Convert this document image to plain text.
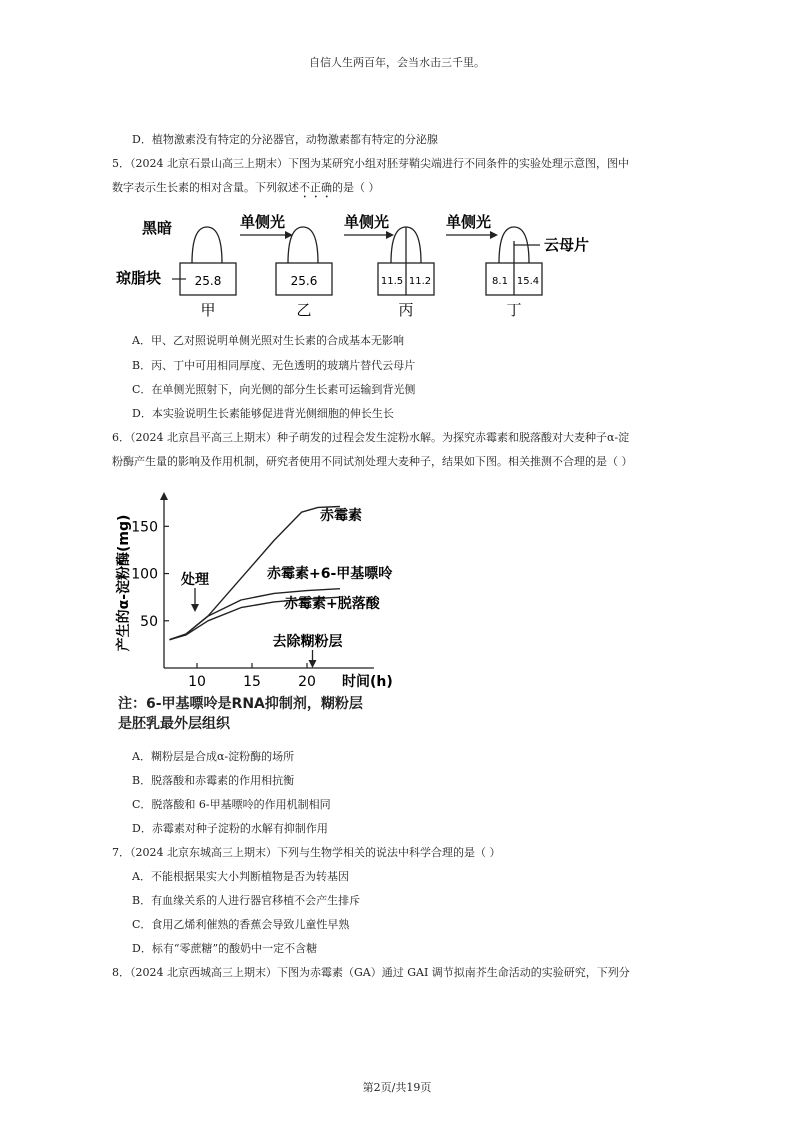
自信人生两百年，会当水击三千里。
D．植物激素没有特定的分泌器官，动物激素都有特定的分泌腺
5．（2024 北京石景山高三上期末）下图为某研究小组对胚芽鞘尖端进行不同条件的实验处理示意图，图中
数字表示生长素的相对含量。下列叙述不正确的是（ ）
黑暗
25.8
琼脂块
甲
单侧光
25.6
乙
单侧光
11.5 11.2
丙
单侧光
8.1 15.4
云母片
丁
A．甲、乙对照说明单侧光照对生长素的合成基本无影响
B．丙、丁中可用相同厚度、无色透明的玻璃片替代云母片
C．在单侧光照射下，向光侧的部分生长素可运输到背光侧
D．本实验说明生长素能够促进背光侧细胞的伸长生长
6．（2024 北京昌平高三上期末）种子萌发的过程会发生淀粉水解。为探究赤霉素和脱落酸对大麦种子α-淀
粉酶产生量的影响及作用机制，研究者使用不同试剂处理大麦种子，结果如下图。相关推测不合理的是（ ）
10	15	20
50
100
150
时间(h)
产生的α-淀粉酶(mg)	赤霉素
赤霉素+6-甲基嘌呤
赤霉素+脱落酸
处理
去除糊粉层
注：6-甲基嘌呤是RNA抑制剂，糊粉层
是胚乳最外层组织
A．糊粉层是合成α-淀粉酶的场所
B．脱落酸和赤霉素的作用相抗衡
C．脱落酸和 6-甲基嘌呤的作用机制相同
D．赤霉素对种子淀粉的水解有抑制作用
7．（2024 北京东城高三上期末）下列与生物学相关的说法中科学合理的是（ ）
A．不能根据果实大小判断植物是否为转基因
B．有血缘关系的人进行器官移植不会产生排斥
C．食用乙烯利催熟的香蕉会导致儿童性早熟
D．标有“零蔗糖”的酸奶中一定不含糖
8．（2024 北京西城高三上期末）下图为赤霉素（GA）通过 GAI 调节拟南芥生命活动的实验研究，下列分
第2页/共19页
